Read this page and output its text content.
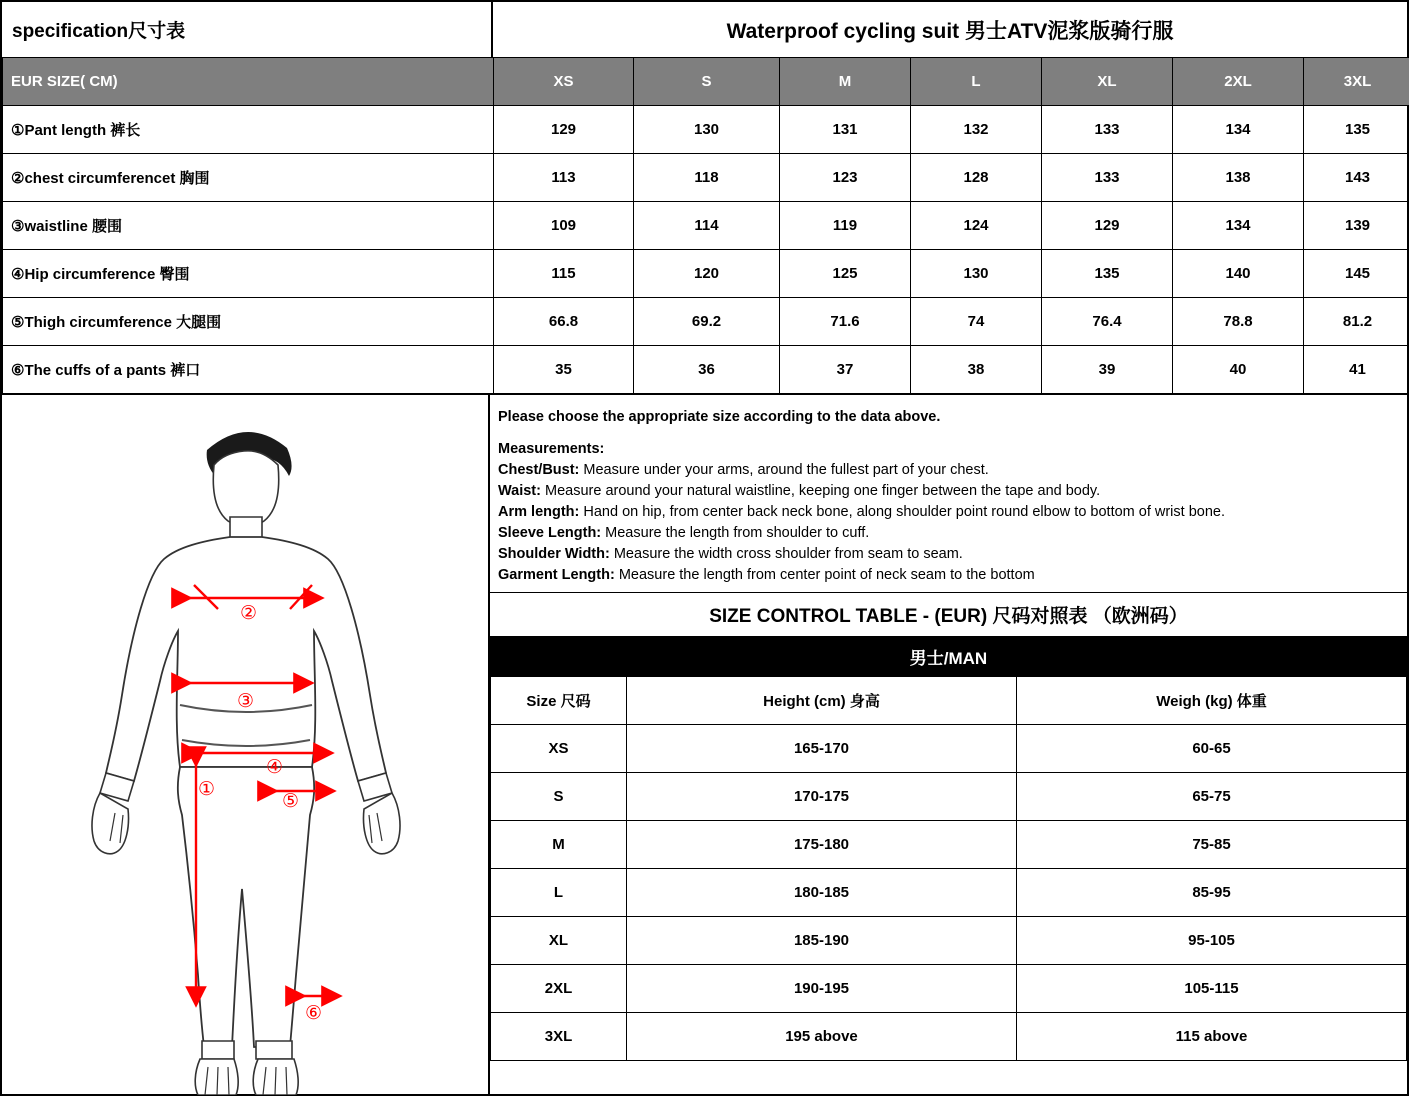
specification尺寸表	Waterproof cycling suit 男士ATV泥浆版骑行服
EUR SIZE( CM)	XS	S	M	L	XL	2XL	3XL
①Pant length 裤长	129	130	131	132	133	134	135
②chest circumferencet 胸围	113	118	123	128	133	138	143
③waistline 腰围	109	114	119	124	129	134	139
④Hip circumference 臀围	115	120	125	130	135	140	145
⑤Thigh circumference 大腿围	66.8	69.2	71.6	74	76.4	78.8	81.2
⑥The cuffs of a pants 裤口	35	36	37	38	39	40	41
②
③
④
⑤
①
⑥

Please choose the appropriate size according to the data above.

Measurements:

Chest/Bust: Measure under your arms, around the fullest part of your chest.

Waist: Measure around your natural waistline, keeping one finger between the tape and body.

Arm length: Hand on hip, from center back neck bone, along shoulder point round elbow to bottom of wrist bone.

Sleeve Length: Measure the length from shoulder to cuff.

Shoulder Width: Measure the width cross shoulder from seam to seam.

Garment Length: Measure the length from center point of neck seam to the bottom

SIZE CONTROL TABLE - (EUR) 尺码对照表 （欧洲码）
男士/MAN
Size 尺码	Height (cm) 身高	Weigh (kg) 体重
XS	165-170	60-65
S	170-175	65-75
M	175-180	75-85
L	180-185	85-95
XL	185-190	95-105
2XL	190-195	105-115
3XL	195 above	115 above
